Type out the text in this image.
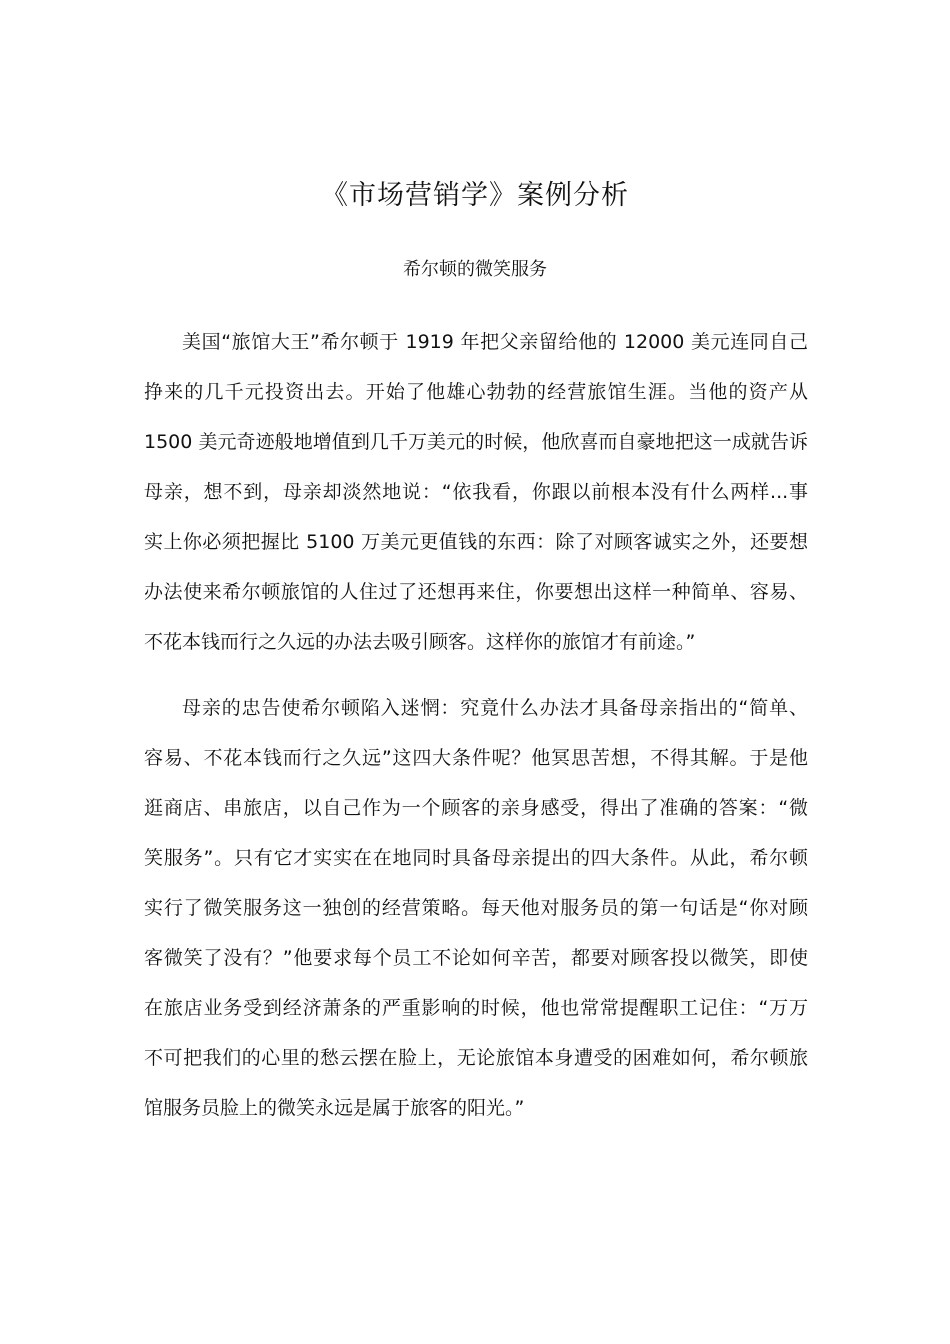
《市场营销学》案例分析
希尔顿的微笑服务
美国“旅馆大王”希尔顿于 1919 年把父亲留给他的 12000 美元连同自己
挣来的几千元投资出去。开始了他雄心勃勃的经营旅馆生涯。当他的资产从
1500 美元奇迹般地增值到几千万美元的时候，他欣喜而自豪地把这一成就告诉
母亲，想不到，母亲却淡然地说：“依我看，你跟以前根本没有什么两样...事
实上你必须把握比 5100 万美元更值钱的东西：除了对顾客诚实之外，还要想
办法使来希尔顿旅馆的人住过了还想再来住，你要想出这样一种简单、容易、
不花本钱而行之久远的办法去吸引顾客。这样你的旅馆才有前途。”
母亲的忠告使希尔顿陷入迷惘：究竟什么办法才具备母亲指出的“简单、
容易、不花本钱而行之久远”这四大条件呢？他冥思苦想，不得其解。于是他
逛商店、串旅店，以自己作为一个顾客的亲身感受，得出了准确的答案：“微
笑服务”。只有它才实实在在地同时具备母亲提出的四大条件。从此，希尔顿
实行了微笑服务这一独创的经营策略。每天他对服务员的第一句话是“你对顾
客微笑了没有？”他要求每个员工不论如何辛苦，都要对顾客投以微笑，即使
在旅店业务受到经济萧条的严重影响的时候，他也常常提醒职工记住：“万万
不可把我们的心里的愁云摆在脸上，无论旅馆本身遭受的困难如何，希尔顿旅
馆服务员脸上的微笑永远是属于旅客的阳光。”
